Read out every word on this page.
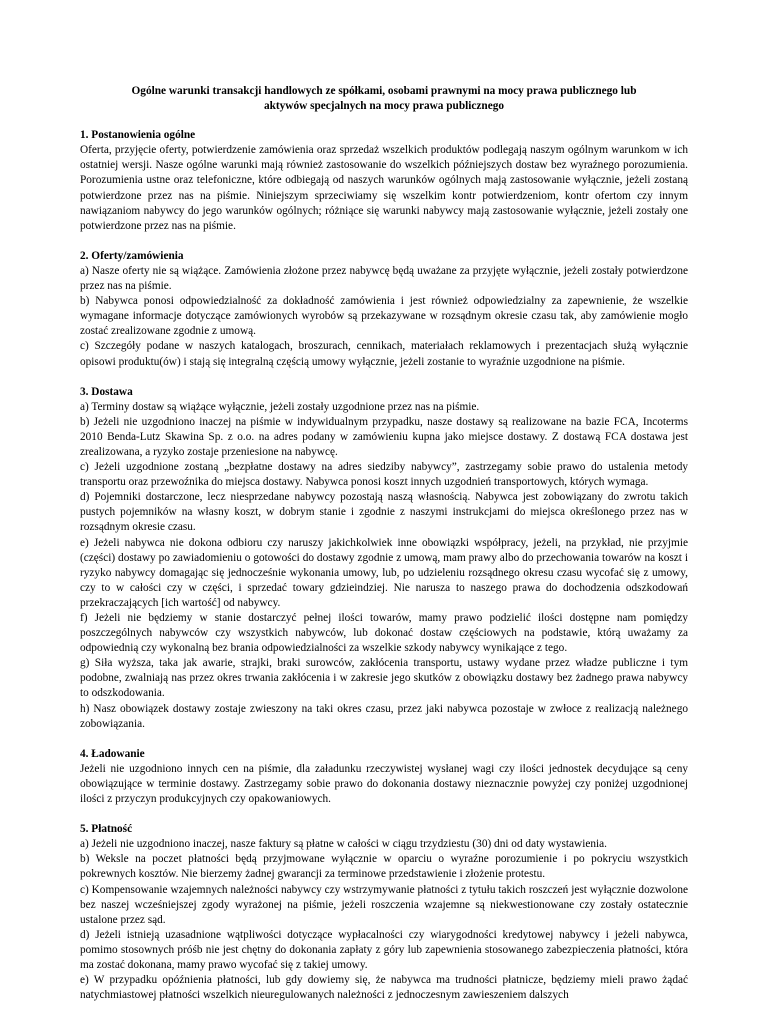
Ogólne warunki transakcji handlowych ze spółkami, osobami prawnymi na mocy prawa publicznego lub
aktywów specjalnych na mocy prawa publicznego
1. Postanowienia ogólne

Oferta, przyjęcie oferty, potwierdzenie zamówienia oraz sprzedaż wszelkich produktów podlegają naszym ogólnym warunkom w ich ostatniej wersji. Nasze ogólne warunki mają również zastosowanie do wszelkich późniejszych dostaw bez wyraźnego porozumienia. Porozumienia ustne oraz telefoniczne, które odbiegają od naszych warunków ogólnych mają zastosowanie wyłącznie, jeżeli zostaną potwierdzone przez nas na piśmie. Niniejszym sprzeciwiamy się wszelkim kontr potwierdzeniom, kontr ofertom czy innym nawiązaniom nabywcy do jego warunków ogólnych; różniące się warunki nabywcy mają zastosowanie wyłącznie, jeżeli zostały one potwierdzone przez nas na piśmie.

2. Oferty/zamówienia

a) Nasze oferty nie są wiążące. Zamówienia złożone przez nabywcę będą uważane za przyjęte wyłącznie, jeżeli zostały potwierdzone przez nas na piśmie.

b) Nabywca ponosi odpowiedzialność za dokładność zamówienia i jest również odpowiedzialny za zapewnienie, że wszelkie wymagane informacje dotyczące zamówionych wyrobów są przekazywane w rozsądnym okresie czasu tak, aby zamówienie mogło zostać zrealizowane zgodnie z umową.

c) Szczegóły podane w naszych katalogach, broszurach, cennikach, materiałach reklamowych i prezentacjach służą wyłącznie opisowi produktu(ów) i stają się integralną częścią umowy wyłącznie, jeżeli zostanie to wyraźnie uzgodnione na piśmie.

3. Dostawa

a) Terminy dostaw są wiążące wyłącznie, jeżeli zostały uzgodnione przez nas na piśmie.

b) Jeżeli nie uzgodniono inaczej na piśmie w indywidualnym przypadku, nasze dostawy są realizowane na bazie FCA, Incoterms 2010 Benda-Lutz Skawina Sp. z o.o. na adres podany w zamówieniu kupna jako miejsce dostawy. Z dostawą FCA dostawa jest zrealizowana, a ryzyko zostaje przeniesione na nabywcę.

c) Jeżeli uzgodnione zostaną „bezpłatne dostawy na adres siedziby nabywcy”, zastrzegamy sobie prawo do ustalenia metody transportu oraz przewoźnika do miejsca dostawy. Nabywca ponosi koszt innych uzgodnień transportowych, których wymaga.

d) Pojemniki dostarczone, lecz niesprzedane nabywcy pozostają naszą własnością. Nabywca jest zobowiązany do zwrotu takich pustych pojemników na własny koszt, w dobrym stanie i zgodnie z naszymi instrukcjami do miejsca określonego przez nas w rozsądnym okresie czasu.

e) Jeżeli nabywca nie dokona odbioru czy naruszy jakichkolwiek inne obowiązki współpracy, jeżeli, na przykład, nie przyjmie (części) dostawy po zawiadomieniu o gotowości do dostawy zgodnie z umową, mam prawy albo do przechowania towarów na koszt i ryzyko nabywcy domagając się jednocześnie wykonania umowy, lub, po udzieleniu rozsądnego okresu czasu wycofać się z umowy, czy to w całości czy w części, i sprzedać towary gdzieindziej. Nie narusza to naszego prawa do dochodzenia odszkodowań przekraczających [ich wartość] od nabywcy.

f) Jeżeli nie będziemy w stanie dostarczyć pełnej ilości towarów, mamy prawo podzielić ilości dostępne nam pomiędzy poszczególnych nabywców czy wszystkich nabywców, lub dokonać dostaw częściowych na podstawie, którą uważamy za odpowiednią czy wykonalną bez brania odpowiedzialności za wszelkie szkody nabywcy wynikające z tego.

g) Siła wyższa, taka jak awarie, strajki, braki surowców, zakłócenia transportu, ustawy wydane przez władze publiczne i tym podobne, zwalniają nas przez okres trwania zakłócenia i w zakresie jego skutków z obowiązku dostawy bez żadnego prawa nabywcy to odszkodowania.

h) Nasz obowiązek dostawy zostaje zwieszony na taki okres czasu, przez jaki nabywca pozostaje w zwłoce z realizacją należnego zobowiązania.

4. Ładowanie

Jeżeli nie uzgodniono innych cen na piśmie, dla załadunku rzeczywistej wysłanej wagi czy ilości jednostek decydujące są ceny obowiązujące w terminie dostawy. Zastrzegamy sobie prawo do dokonania dostawy nieznacznie powyżej czy poniżej uzgodnionej ilości z przyczyn produkcyjnych czy opakowaniowych.

5. Płatność

a) Jeżeli nie uzgodniono inaczej, nasze faktury są płatne w całości w ciągu trzydziestu (30) dni od daty wystawienia.

b) Weksle na poczet płatności będą przyjmowane wyłącznie w oparciu o wyraźne porozumienie i po pokryciu wszystkich pokrewnych kosztów. Nie bierzemy żadnej gwarancji za terminowe przedstawienie i złożenie protestu.

c) Kompensowanie wzajemnych należności nabywcy czy wstrzymywanie płatności z tytułu takich roszczeń jest wyłącznie dozwolone bez naszej wcześniejszej zgody wyrażonej na piśmie, jeżeli roszczenia wzajemne są niekwestionowane czy zostały ostatecznie ustalone przez sąd.

d) Jeżeli istnieją uzasadnione wątpliwości dotyczące wypłacalności czy wiarygodności kredytowej nabywcy i jeżeli nabywca, pomimo stosownych próśb nie jest chętny do dokonania zapłaty z góry lub zapewnienia stosowanego zabezpieczenia płatności, która ma zostać dokonana, mamy prawo wycofać się z takiej umowy.

e) W przypadku opóźnienia płatności, lub gdy dowiemy się, że nabywca ma trudności płatnicze, będziemy mieli prawo żądać natychmiastowej płatności wszelkich nieuregulowanych należności z jednoczesnym zawieszeniem dalszych
